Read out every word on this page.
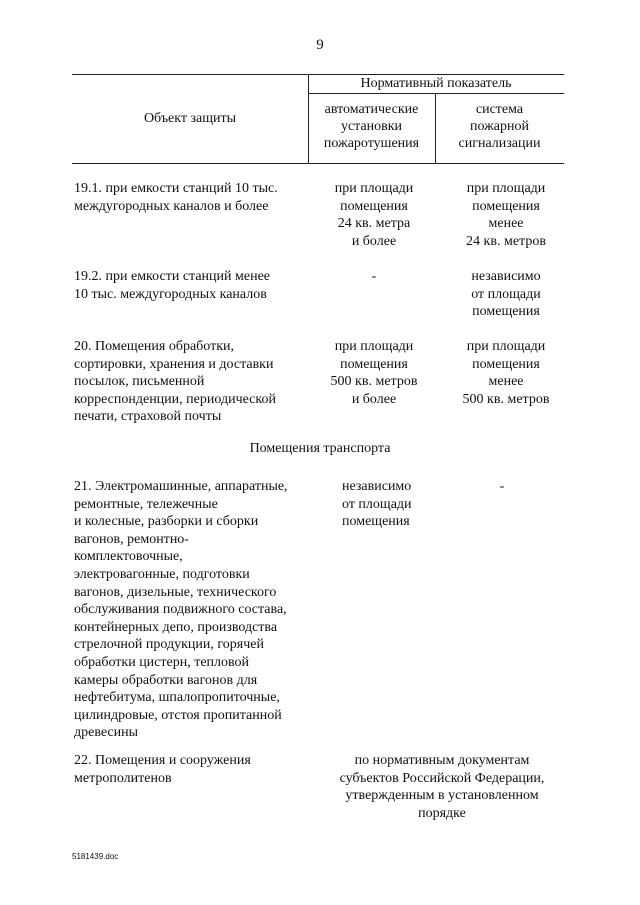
9
Объект защиты
Нормативный показатель
автоматические
установки
пожаротушения
система
пожарной
сигнализации
19.1. при емкости станций 10 тыс.
междугородных каналов и более
при площади
помещения
24 кв. метра
и более
при площади
помещения
менее
24 кв. метров
19.2. при емкости станций менее
10 тыс. междугородных каналов
-	независимо
от площади
помещения
20. Помещения обработки,
сортировки, хранения и доставки
посылок, письменной
корреспонденции, периодической
печати, страховой почты
при площади
помещения
500 кв. метров
и более
при площади
помещения
менее
500 кв. метров
Помещения транспорта
21. Электромашинные, аппаратные,
ремонтные, тележечные
и колесные, разборки и сборки
вагонов, ремонтно-
комплектовочные,
электровагонные, подготовки
вагонов, дизельные, технического
обслуживания подвижного состава,
контейнерных депо, производства
стрелочной продукции, горячей
обработки цистерн, тепловой
камеры обработки вагонов для
нефтебитума, шпалопропиточные,
цилиндровые, отстоя пропитанной
древесины
независимо
от площади
помещения
-
22. Помещения и сооружения
метрополитенов
по нормативным документам
субъектов Российской Федерации,
утвержденным в установленном
порядке
5181439.doc
